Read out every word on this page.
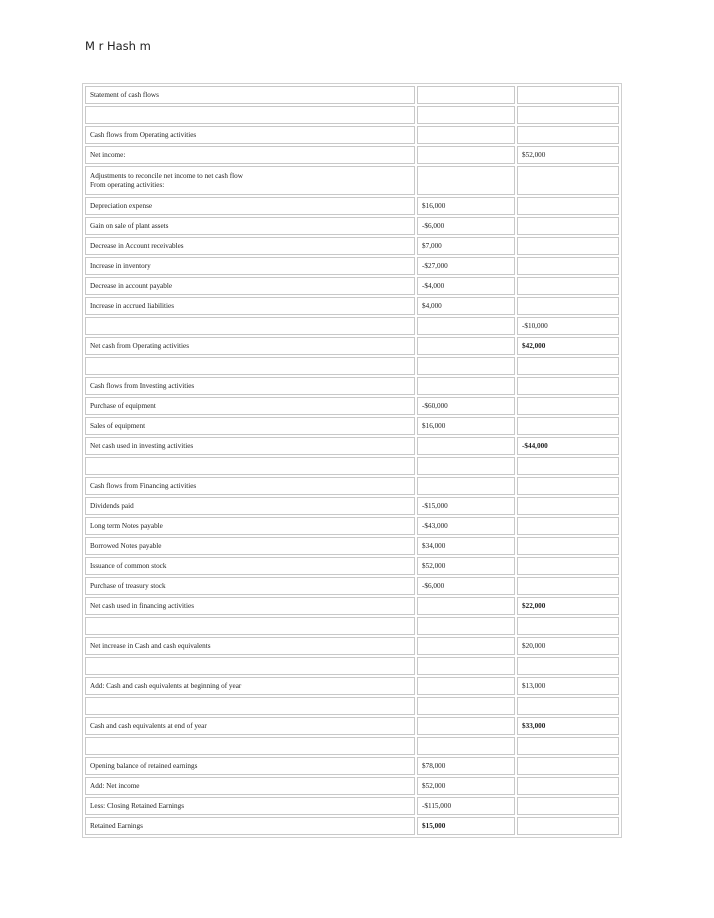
M r Hash m
Statement of cash flows		

Cash flows from Operating activities		
Net income:		$52,000
Adjustments to reconcile net income to net cash flow
From operating activities:		
Depreciation expense	$16,000	
Gain on sale of plant assets	-$6,000	
Decrease in Account receivables	$7,000	
Increase in inventory	-$27,000	
Decrease in account payable	-$4,000	
Increase in accrued liabilities	$4,000	
		-$10,000
Net cash from Operating activities		$42,000

Cash flows from Investing activities		
Purchase of equipment	-$60,000	
Sales of equipment	$16,000	
Net cash used in investing activities		-$44,000

Cash flows from Financing activities		
Dividends paid	-$15,000	
Long term Notes payable	-$43,000	
Borrowed Notes payable	$34,000	
Issuance of common stock	$52,000	
Purchase of treasury stock	-$6,000	
Net cash used in financing activities		$22,000

Net increase in Cash and cash equivalents		$20,000

Add: Cash and cash equivalents at beginning of year		$13,000

Cash and cash equivalents at end of year		$33,000

Opening balance of retained earnings	$78,000	
Add: Net income	$52,000	
Less: Closing Retained Earnings	-$115,000	
Retained Earnings	$15,000	
